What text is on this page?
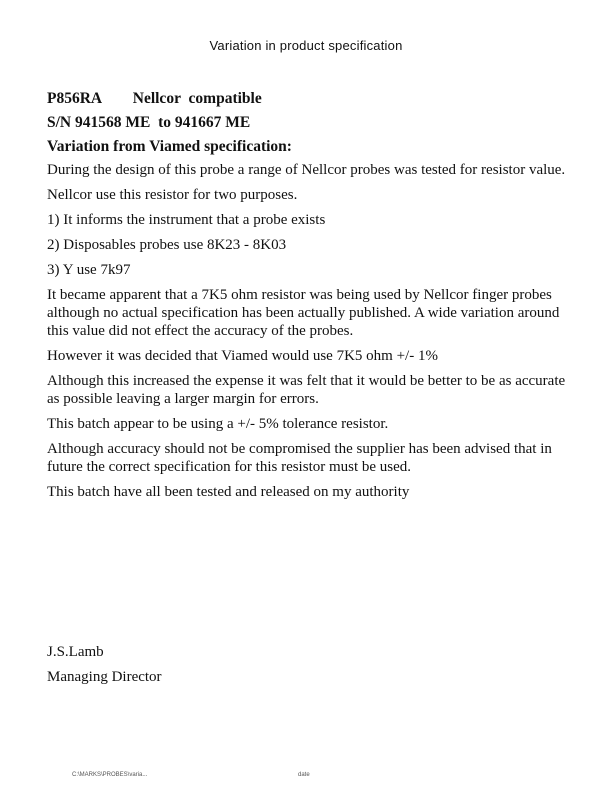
Variation in product specification
P856RA    Nellcor compatible
S/N 941568 ME  to 941667 ME
Variation from Viamed specification:

During the design of this probe a range of Nellcor probes was tested for resistor value.

Nellcor use this resistor for two purposes.

1) It informs the instrument that a probe exists

2) Disposables probes use 8K23 - 8K03

3) Y use 7k97

It became apparent that a 7K5 ohm resistor was being used by Nellcor finger probes although no actual specification has been actually published. A wide variation around this value did not effect the accuracy of the probes.

However it was decided that Viamed would use 7K5 ohm +/- 1%

Although this increased the expense it was felt that it would be better to be as accurate as possible leaving a larger margin for errors.

This batch appear to be using a +/- 5% tolerance resistor.

Although accuracy should not be compromised the supplier has been advised that in future the correct specification for this resistor must be used.

This batch have all been tested and released on my authority

J.S.Lamb
Managing Director
C:\MARKS\PROBES\varia...	date
